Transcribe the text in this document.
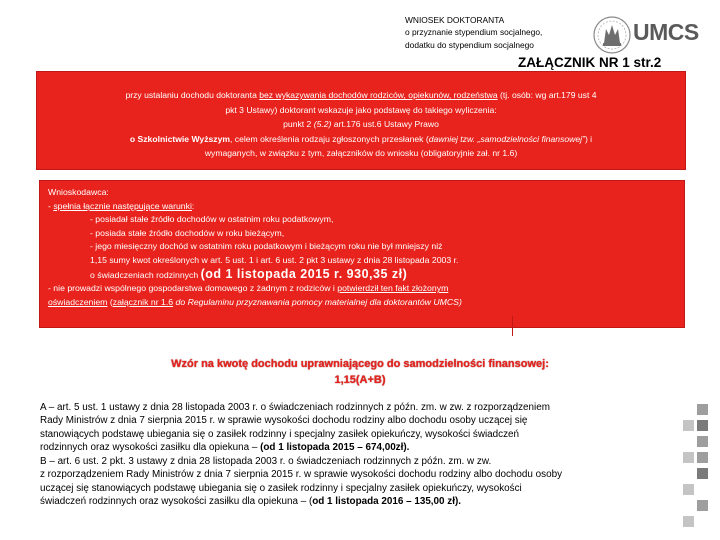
WNIOSEK DOKTORANTA
o przyznanie stypendium socjalnego,
dodatku do stypendium socjalnego	UMCS
ZAŁĄCZNIK NR 1 str.2

przy ustalaniu dochodu doktoranta bez wykazywania dochodów rodziców, opiekunów, rodzeństwa (tj. osób: wg art.179 ust 4

pkt 3 Ustawy) doktorant wskazuje jako podstawę do takiego wyliczenia:

punkt 2 (5.2) art.176 ust.6 Ustawy Prawo

o Szkolnictwie Wyższym, celem określenia rodzaju zgłoszonych przesłanek (dawniej tzw. „samodzielności finansowej”) i

wymaganych, w związku z tym, załączników do wniosku (obligatoryjnie zał. nr 1.6)

Wnioskodawca:

- spełnia łącznie następujące warunki:

- posiadał stałe źródło dochodów w ostatnim roku podatkowym,

- posiada stałe źródło dochodów w roku bieżącym,

- jego miesięczny dochód w ostatnim roku podatkowym i bieżącym roku nie był mniejszy niż

1,15 sumy kwot określonych w art. 5 ust. 1 i art. 6 ust. 2 pkt 3 ustawy z dnia 28 listopada 2003 r.

o świadczeniach rodzinnych (od 1 listopada 2015 r. 930,35 zł)

- nie prowadzi wspólnego gospodarstwa domowego z żadnym z rodziców i potwierdził ten fakt złożonym

oświadczeniem (załącznik nr 1.6 do Regulaminu przyznawania pomocy materialnej dla doktorantów UMCS)

Wzór na kwotę dochodu uprawniającego do samodzielności finansowej:
1,15(A+B)

A – art. 5 ust. 1 ustawy z dnia 28 listopada 2003 r. o świadczeniach rodzinnych z późn. zm. w zw. z rozporządzeniem

Rady Ministrów z dnia 7 sierpnia 2015 r. w sprawie wysokości dochodu rodziny albo dochodu osoby uczącej się

stanowiących podstawę ubiegania się o zasiłek rodzinny i specjalny zasiłek opiekuńczy, wysokości świadczeń

rodzinnych oraz wysokości zasiłku dla opiekuna – (od 1 listopada 2015 – 674,00zł).

B – art. 6 ust. 2 pkt. 3 ustawy z dnia 28 listopada 2003 r. o świadczeniach rodzinnych z późn. zm. w zw.

z rozporządzeniem Rady Ministrów z dnia 7 sierpnia 2015 r. w sprawie wysokości dochodu rodziny albo dochodu osoby

uczącej się stanowiących podstawę ubiegania się o zasiłek rodzinny i specjalny zasiłek opiekuńczy, wysokości

świadczeń rodzinnych oraz wysokości zasiłku dla opiekuna – (od 1 listopada 2016 – 135,00 zł).
